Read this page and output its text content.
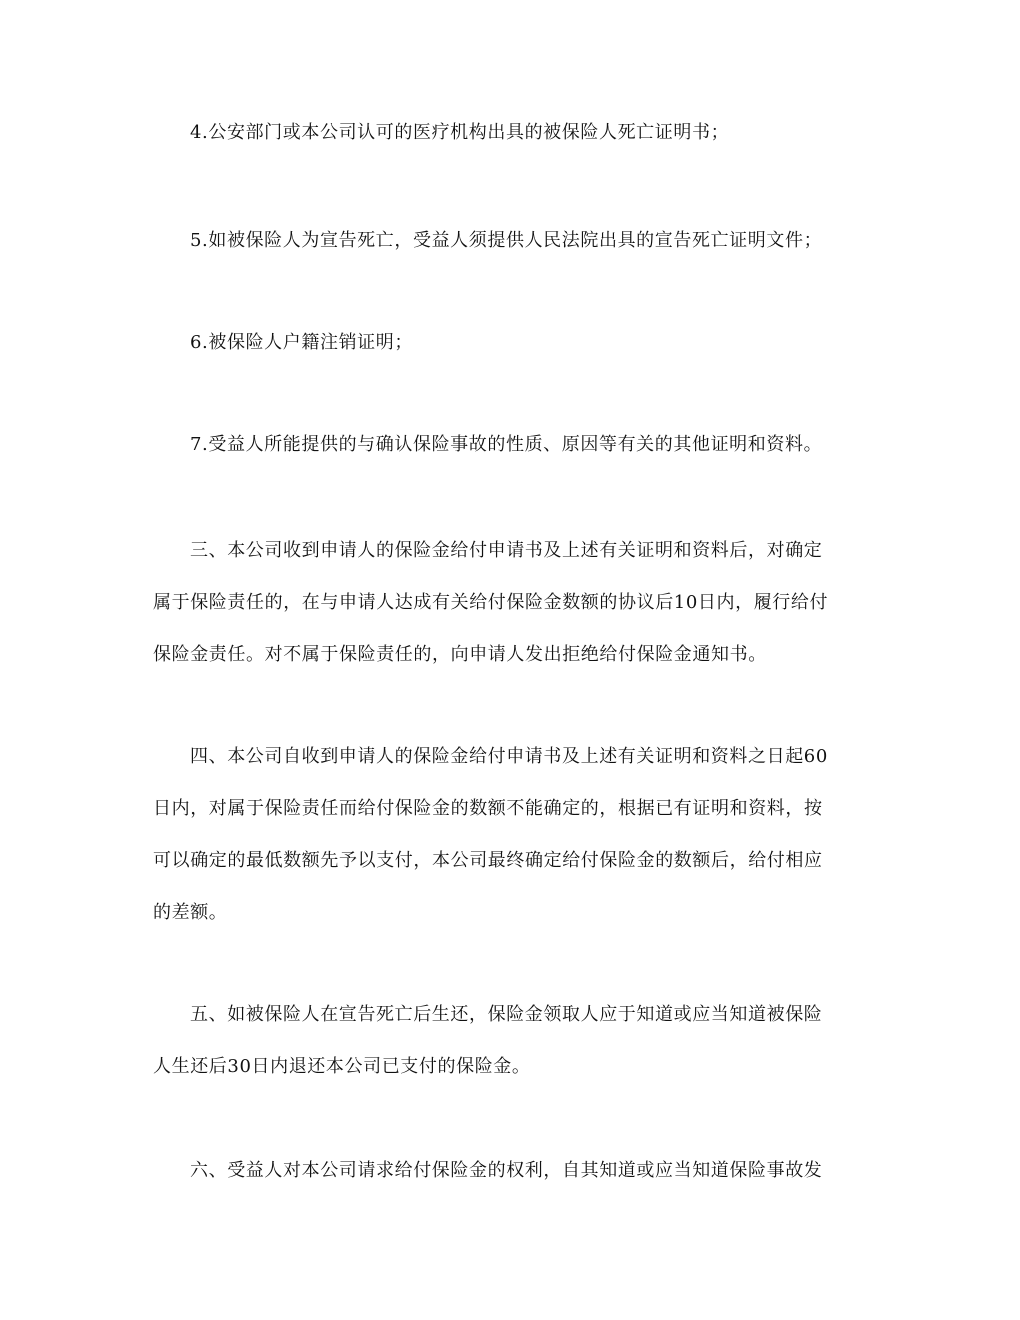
4.公安部门或本公司认可的医疗机构出具的被保险人死亡证明书；
5.如被保险人为宣告死亡，受益人须提供人民法院出具的宣告死亡证明文件；
6.被保险人户籍注销证明；
7.受益人所能提供的与确认保险事故的性质、原因等有关的其他证明和资料。
三、本公司收到申请人的保险金给付申请书及上述有关证明和资料后，对确定
属于保险责任的，在与申请人达成有关给付保险金数额的协议后10日内，履行给付
保险金责任。对不属于保险责任的，向申请人发出拒绝给付保险金通知书。
四、本公司自收到申请人的保险金给付申请书及上述有关证明和资料之日起60
日内，对属于保险责任而给付保险金的数额不能确定的，根据已有证明和资料，按
可以确定的最低数额先予以支付，本公司最终确定给付保险金的数额后，给付相应
的差额。
五、如被保险人在宣告死亡后生还，保险金领取人应于知道或应当知道被保险
人生还后30日内退还本公司已支付的保险金。
六、受益人对本公司请求给付保险金的权利，自其知道或应当知道保险事故发
